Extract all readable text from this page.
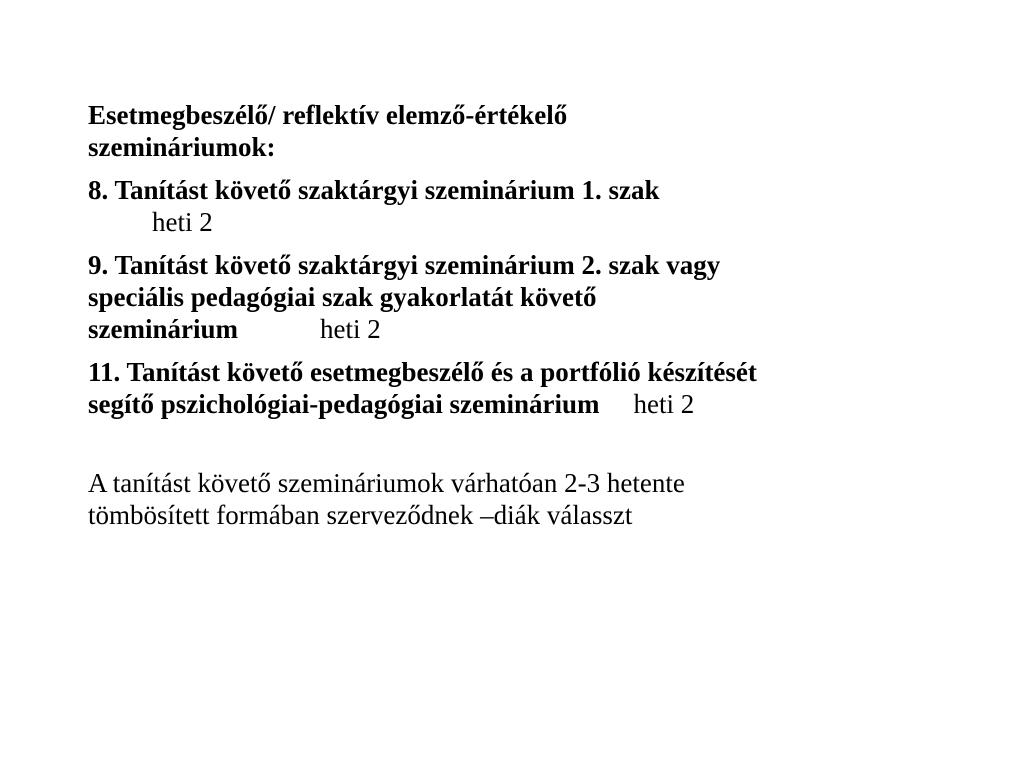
Esetmegbeszélő/ reflektív elemző-értékelő
szemináriumok:

8. Tanítást követő szaktárgyi szeminárium 1. szak
heti 2

9. Tanítást követő szaktárgyi szeminárium 2. szak vagy
speciális pedagógiai szak gyakorlatát követő
szeminárium	heti 2

11. Tanítást követő esetmegbeszélő és a portfólió készítését
segítő pszichológiai-pedagógiai szeminárium heti 2

A tanítást követő szemináriumok várhatóan 2-3 hetente
tömbösített formában szerveződnek –diák válasszt
